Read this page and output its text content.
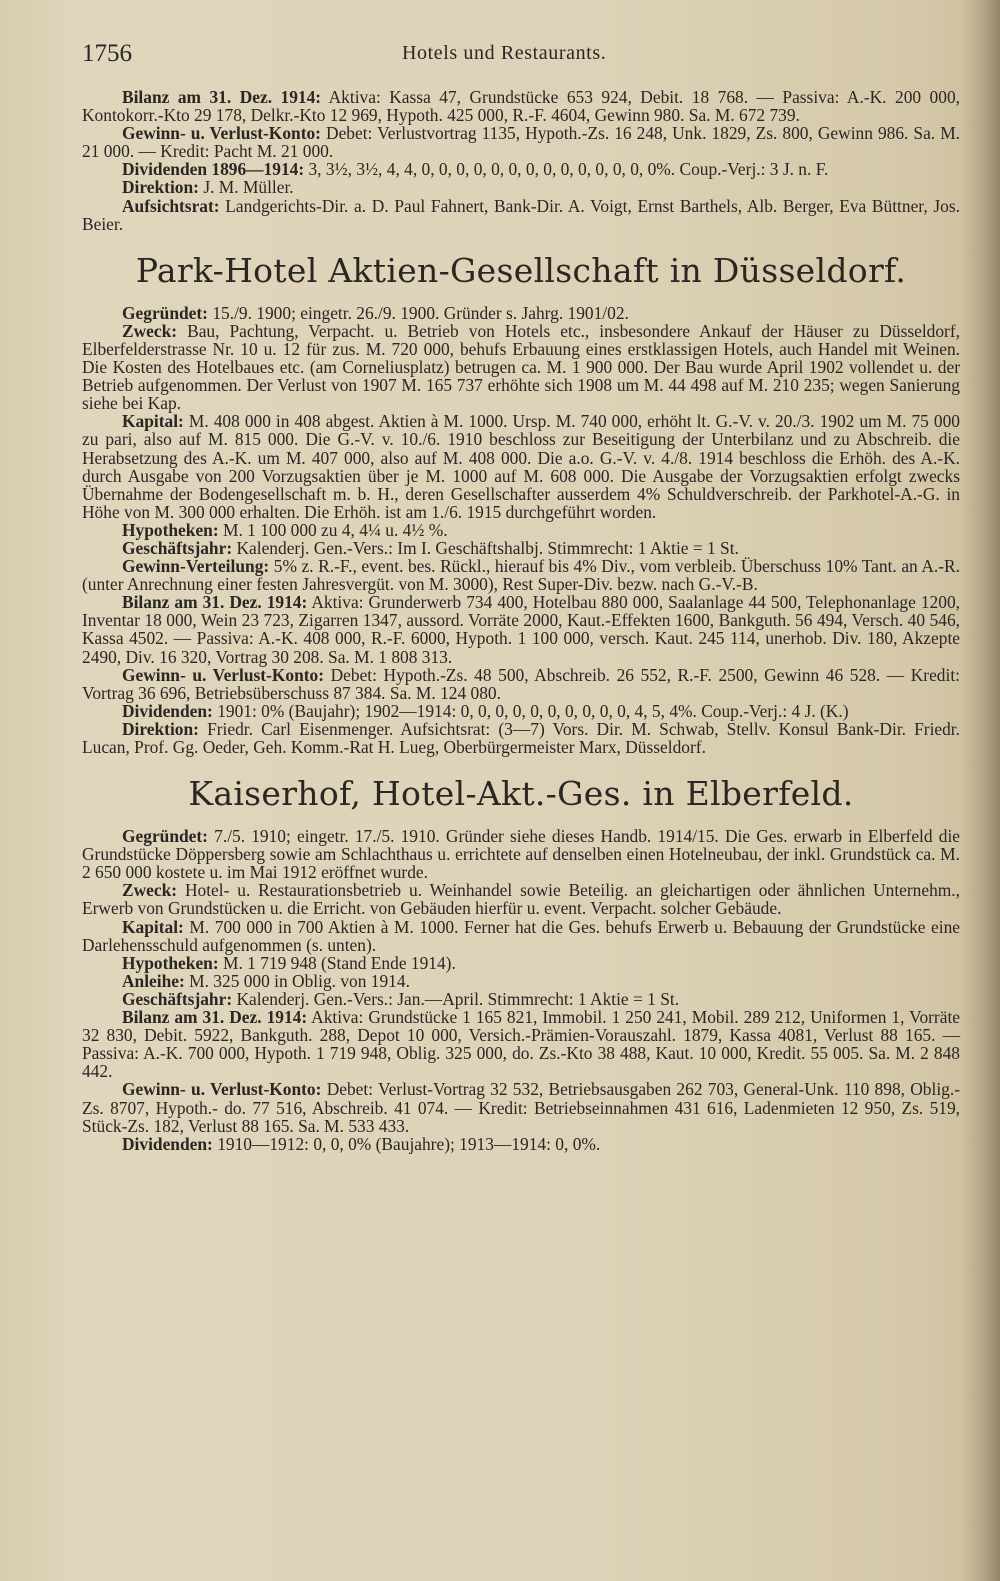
1756	Hotels und Restaurants.

Bilanz am 31. Dez. 1914: Aktiva: Kassa 47, Grundstücke 653 924, Debit. 18 768. — Passiva: A.-K. 200 000, Kontokorr.-Kto 29 178, Delkr.-Kto 12 969, Hypoth. 425 000, R.-F. 4604, Gewinn 980. Sa. M. 672 739.

Gewinn- u. Verlust-Konto: Debet: Verlustvortrag 1135, Hypoth.-Zs. 16 248, Unk. 1829, Zs. 800, Gewinn 986. Sa. M. 21 000. — Kredit: Pacht M. 21 000.

Dividenden 1896—1914: 3, 3½, 3½, 4, 4, 0, 0, 0, 0, 0, 0, 0, 0, 0, 0, 0, 0, 0, 0%. Coup.-Verj.: 3 J. n. F.

Direktion: J. M. Müller.

Aufsichtsrat: Landgerichts-Dir. a. D. Paul Fahnert, Bank-Dir. A. Voigt, Ernst Barthels, Alb. Berger, Eva Büttner, Jos. Beier.

Park-Hotel Aktien-Gesellschaft in Düsseldorf.

Gegründet: 15./9. 1900; eingetr. 26./9. 1900. Gründer s. Jahrg. 1901/02.

Zweck: Bau, Pachtung, Verpacht. u. Betrieb von Hotels etc., insbesondere Ankauf der Häuser zu Düsseldorf, Elberfelderstrasse Nr. 10 u. 12 für zus. M. 720 000, behufs Erbauung eines erstklassigen Hotels, auch Handel mit Weinen. Die Kosten des Hotelbaues etc. (am Corneliusplatz) betrugen ca. M. 1 900 000. Der Bau wurde April 1902 vollendet u. der Betrieb aufgenommen. Der Verlust von 1907 M. 165 737 erhöhte sich 1908 um M. 44 498 auf M. 210 235; wegen Sanierung siehe bei Kap.

Kapital: M. 408 000 in 408 abgest. Aktien à M. 1000. Ursp. M. 740 000, erhöht lt. G.-V. v. 20./3. 1902 um M. 75 000 zu pari, also auf M. 815 000. Die G.-V. v. 10./6. 1910 beschloss zur Beseitigung der Unterbilanz und zu Abschreib. die Herabsetzung des A.-K. um M. 407 000, also auf M. 408 000. Die a.o. G.-V. v. 4./8. 1914 beschloss die Erhöh. des A.-K. durch Ausgabe von 200 Vorzugsaktien über je M. 1000 auf M. 608 000. Die Ausgabe der Vorzugsaktien erfolgt zwecks Übernahme der Bodengesellschaft m. b. H., deren Gesellschafter ausserdem 4% Schuldverschreib. der Parkhotel-A.-G. in Höhe von M. 300 000 erhalten. Die Erhöh. ist am 1./6. 1915 durchgeführt worden.

Hypotheken: M. 1 100 000 zu 4, 4¼ u. 4½ %.

Geschäftsjahr: Kalenderj. Gen.-Vers.: Im I. Geschäftshalbj. Stimmrecht: 1 Aktie = 1 St.

Gewinn-Verteilung: 5% z. R.-F., event. bes. Rückl., hierauf bis 4% Div., vom verbleib. Überschuss 10% Tant. an A.-R. (unter Anrechnung einer festen Jahresvergüt. von M. 3000), Rest Super-Div. bezw. nach G.-V.-B.

Bilanz am 31. Dez. 1914: Aktiva: Grunderwerb 734 400, Hotelbau 880 000, Saalanlage 44 500, Telephonanlage 1200, Inventar 18 000, Wein 23 723, Zigarren 1347, aussord. Vorräte 2000, Kaut.-Effekten 1600, Bankguth. 56 494, Versch. 40 546, Kassa 4502. — Passiva: A.-K. 408 000, R.-F. 6000, Hypoth. 1 100 000, versch. Kaut. 245 114, unerhob. Div. 180, Akzepte 2490, Div. 16 320, Vortrag 30 208. Sa. M. 1 808 313.

Gewinn- u. Verlust-Konto: Debet: Hypoth.-Zs. 48 500, Abschreib. 26 552, R.-F. 2500, Gewinn 46 528. — Kredit: Vortrag 36 696, Betriebsüberschuss 87 384. Sa. M. 124 080.

Dividenden: 1901: 0% (Baujahr); 1902—1914: 0, 0, 0, 0, 0, 0, 0, 0, 0, 0, 4, 5, 4%. Coup.-Verj.: 4 J. (K.)

Direktion: Friedr. Carl Eisenmenger. Aufsichtsrat: (3—7) Vors. Dir. M. Schwab, Stellv. Konsul Bank-Dir. Friedr. Lucan, Prof. Gg. Oeder, Geh. Komm.-Rat H. Lueg, Oberbürgermeister Marx, Düsseldorf.

Kaiserhof, Hotel-Akt.-Ges. in Elberfeld.

Gegründet: 7./5. 1910; eingetr. 17./5. 1910. Gründer siehe dieses Handb. 1914/15. Die Ges. erwarb in Elberfeld die Grundstücke Döppersberg sowie am Schlachthaus u. errichtete auf denselben einen Hotelneubau, der inkl. Grundstück ca. M. 2 650 000 kostete u. im Mai 1912 eröffnet wurde.

Zweck: Hotel- u. Restaurationsbetrieb u. Weinhandel sowie Beteilig. an gleichartigen oder ähnlichen Unternehm., Erwerb von Grundstücken u. die Erricht. von Gebäuden hierfür u. event. Verpacht. solcher Gebäude.

Kapital: M. 700 000 in 700 Aktien à M. 1000. Ferner hat die Ges. behufs Erwerb u. Bebauung der Grundstücke eine Darlehensschuld aufgenommen (s. unten).

Hypotheken: M. 1 719 948 (Stand Ende 1914).

Anleihe: M. 325 000 in Oblig. von 1914.

Geschäftsjahr: Kalenderj. Gen.-Vers.: Jan.—April. Stimmrecht: 1 Aktie = 1 St.

Bilanz am 31. Dez. 1914: Aktiva: Grundstücke 1 165 821, Immobil. 1 250 241, Mobil. 289 212, Uniformen 1, Vorräte 32 830, Debit. 5922, Bankguth. 288, Depot 10 000, Versich.-Prämien-Vorauszahl. 1879, Kassa 4081, Verlust 88 165. — Passiva: A.-K. 700 000, Hypoth. 1 719 948, Oblig. 325 000, do. Zs.-Kto 38 488, Kaut. 10 000, Kredit. 55 005. Sa. M. 2 848 442.

Gewinn- u. Verlust-Konto: Debet: Verlust-Vortrag 32 532, Betriebsausgaben 262 703, General-Unk. 110 898, Oblig.-Zs. 8707, Hypoth.- do. 77 516, Abschreib. 41 074. — Kredit: Betriebseinnahmen 431 616, Ladenmieten 12 950, Zs. 519, Stück-Zs. 182, Verlust 88 165. Sa. M. 533 433.

Dividenden: 1910—1912: 0, 0, 0% (Baujahre); 1913—1914: 0, 0%.
